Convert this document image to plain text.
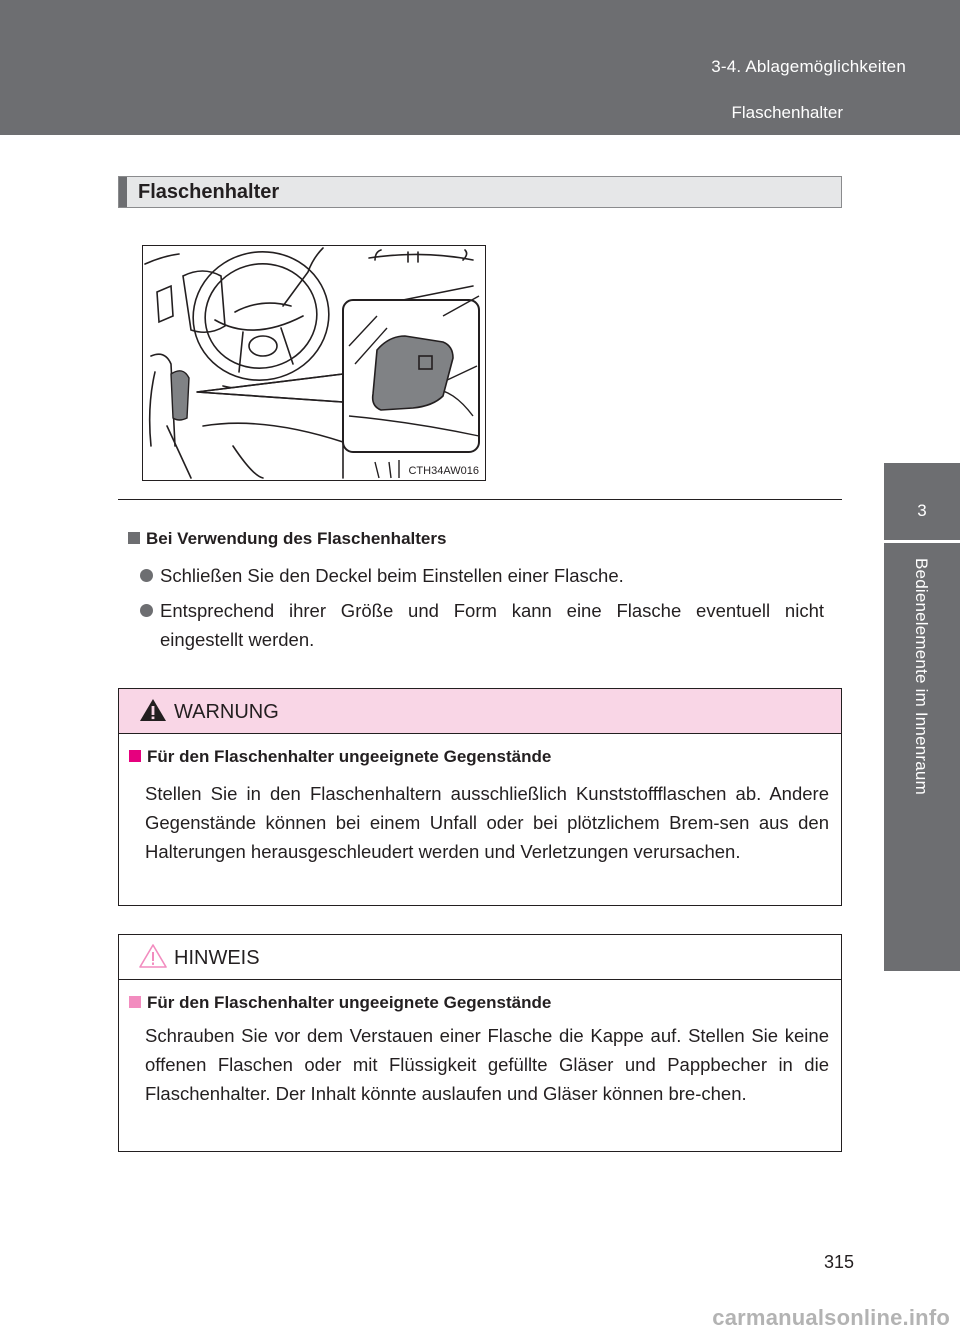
3-4. Ablagemöglichkeiten
Flaschenhalter
3
Bedienelemente im Innenraum
Flaschenhalter
CTH34AW016
Bei Verwendung des Flaschenhalters
Schließen Sie den Deckel beim Einstellen einer Flasche.
Entsprechend ihrer Größe und Form kann eine Flasche eventuell nicht eingestellt werden.
WARNUNG
Für den Flaschenhalter ungeeignete Gegenstände
Stellen Sie in den Flaschenhaltern ausschließlich Kunststoffflaschen ab. Andere Gegenstände können bei einem Unfall oder bei plötzlichem Brem-sen aus den Halterungen herausgeschleudert werden und Verletzungen verursachen.
HINWEIS
Für den Flaschenhalter ungeeignete Gegenstände
Schrauben Sie vor dem Verstauen einer Flasche die Kappe auf. Stellen Sie keine offenen Flaschen oder mit Flüssigkeit gefüllte Gläser und Pappbecher in die Flaschenhalter. Der Inhalt könnte auslaufen und Gläser können bre-chen.
315
carmanualsonline.info
